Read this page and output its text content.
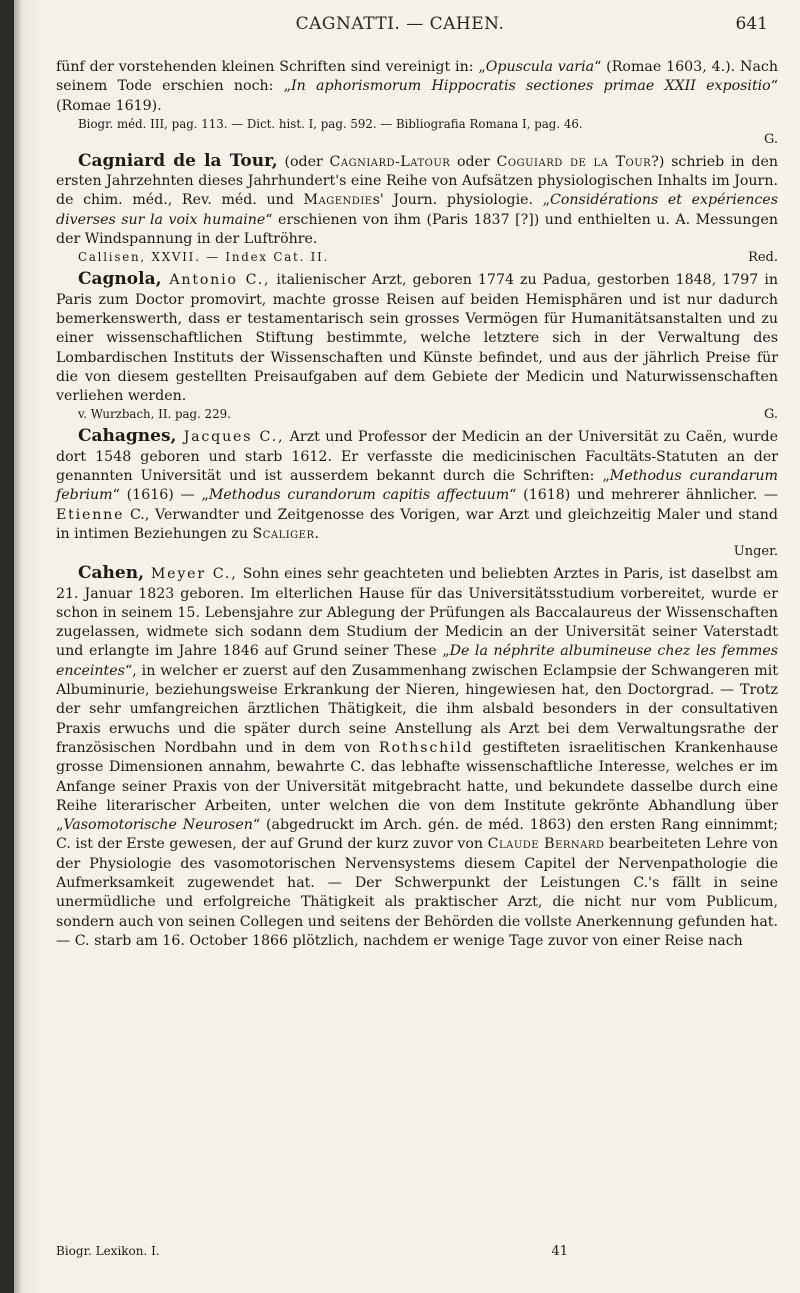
CAGNATTI. — CAHEN.	641

fünf der vorstehenden kleinen Schriften sind vereinigt in: „Opuscula varia“ (Romae 1603, 4.). Nach seinem Tode erschien noch: „In aphorismorum Hippocratis sectiones primae XXII expositio“ (Romae 1619).

Biogr. méd. III, pag. 113. — Dict. hist. I, pag. 592. — Bibliografia Romana I, pag. 46.

G.

Cagniard de la Tour, (oder Cagniard-Latour oder Coguiard de la Tour?) schrieb in den ersten Jahrzehnten dieses Jahrhundert's eine Reihe von Aufsätzen physiologischen Inhalts im Journ. de chim. méd., Rev. méd. und Magendies' Journ. physiologie. „Considérations et expériences diverses sur la voix humaine“ erschienen von ihm (Paris 1837 [?]) und enthielten u. A. Messungen der Windspannung in der Luftröhre.

Callisen, XXVII. — Index Cat. II.	Red.

Cagnola, Antonio C., italienischer Arzt, geboren 1774 zu Padua, gestorben 1848, 1797 in Paris zum Doctor promovirt, machte grosse Reisen auf beiden Hemisphären und ist nur dadurch bemerkenswerth, dass er testamentarisch sein grosses Vermögen für Humanitätsanstalten und zu einer wissenschaftlichen Stiftung bestimmte, welche letztere sich in der Verwaltung des Lombardischen Instituts der Wissenschaften und Künste befindet, und aus der jährlich Preise für die von diesem gestellten Preisaufgaben auf dem Gebiete der Medicin und Naturwissenschaften verliehen werden.

v. Wurzbach, II. pag. 229.	G.

Cahagnes, Jacques C., Arzt und Professor der Medicin an der Universität zu Caën, wurde dort 1548 geboren und starb 1612. Er verfasste die medicinischen Facultäts-Statuten an der genannten Universität und ist ausserdem bekannt durch die Schriften: „Methodus curandarum febrium“ (1616) — „Methodus curandorum capitis affectuum“ (1618) und mehrerer ähnlicher. — Etienne C., Verwandter und Zeitgenosse des Vorigen, war Arzt und gleichzeitig Maler und stand in intimen Beziehungen zu Scaliger.

Unger.

Cahen, Meyer C., Sohn eines sehr geachteten und beliebten Arztes in Paris, ist daselbst am 21. Januar 1823 geboren. Im elterlichen Hause für das Universitätsstudium vorbereitet, wurde er schon in seinem 15. Lebensjahre zur Ablegung der Prüfungen als Baccalaureus der Wissenschaften zugelassen, widmete sich sodann dem Studium der Medicin an der Universität seiner Vaterstadt und erlangte im Jahre 1846 auf Grund seiner These „De la néphrite albumineuse chez les femmes enceintes“, in welcher er zuerst auf den Zusammenhang zwischen Eclampsie der Schwangeren mit Albuminurie, beziehungsweise Erkrankung der Nieren, hingewiesen hat, den Doctorgrad. — Trotz der sehr umfangreichen ärztlichen Thätigkeit, die ihm alsbald besonders in der consultativen Praxis erwuchs und die später durch seine Anstellung als Arzt bei dem Verwaltungsrathe der französischen Nordbahn und in dem von Rothschild gestifteten israelitischen Krankenhause grosse Dimensionen annahm, bewahrte C. das lebhafte wissenschaftliche Interesse, welches er im Anfange seiner Praxis von der Universität mitgebracht hatte, und bekundete dasselbe durch eine Reihe literarischer Arbeiten, unter welchen die von dem Institute gekrönte Abhandlung über „Vasomotorische Neurosen“ (abgedruckt im Arch. gén. de méd. 1863) den ersten Rang einnimmt; C. ist der Erste gewesen, der auf Grund der kurz zuvor von Claude Bernard bearbeiteten Lehre von der Physiologie des vasomotorischen Nervensystems diesem Capitel der Nervenpathologie die Aufmerksamkeit zugewendet hat. — Der Schwerpunkt der Leistungen C.'s fällt in seine unermüdliche und erfolgreiche Thätigkeit als praktischer Arzt, die nicht nur vom Publicum, sondern auch von seinen Collegen und seitens der Behörden die vollste Anerkennung gefunden hat. — C. starb am 16. October 1866 plötzlich, nachdem er wenige Tage zuvor von einer Reise nach

Biogr. Lexikon. I.	41
